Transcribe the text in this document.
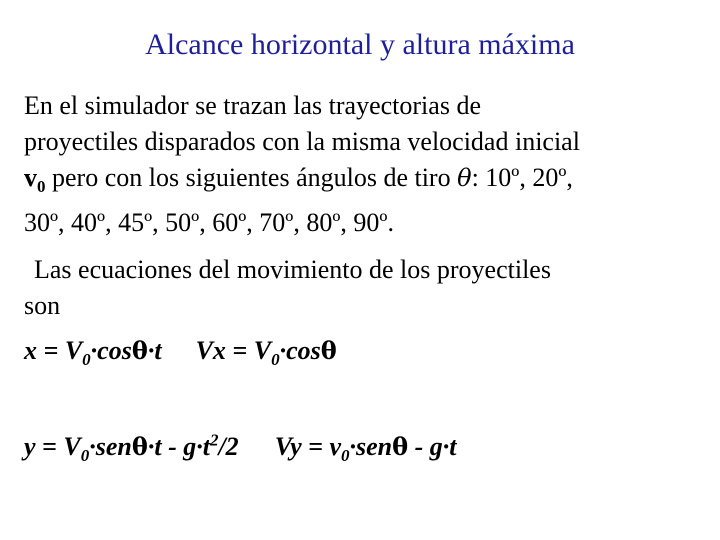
Alcance horizontal y altura máxima
En el simulador se trazan las trayectorias de
proyectiles disparados con la misma velocidad inicial
$v_0$ pero con los siguientes ángulos de tiro θ: 10º, 20º,
30º, 40º, 45º, 50º, 60º, 70º, 80º, 90º.
Las ecuaciones del movimiento de los proyectiles
son
$x = V_0\cdot\cos\theta\cdot t$ $Vx = V_0\cdot\cos\theta$
$y = V_0\cdot sen\theta\cdot t - g\cdot t^2/2$ $Vy = v_0\cdot sen\theta - g\cdot t$
